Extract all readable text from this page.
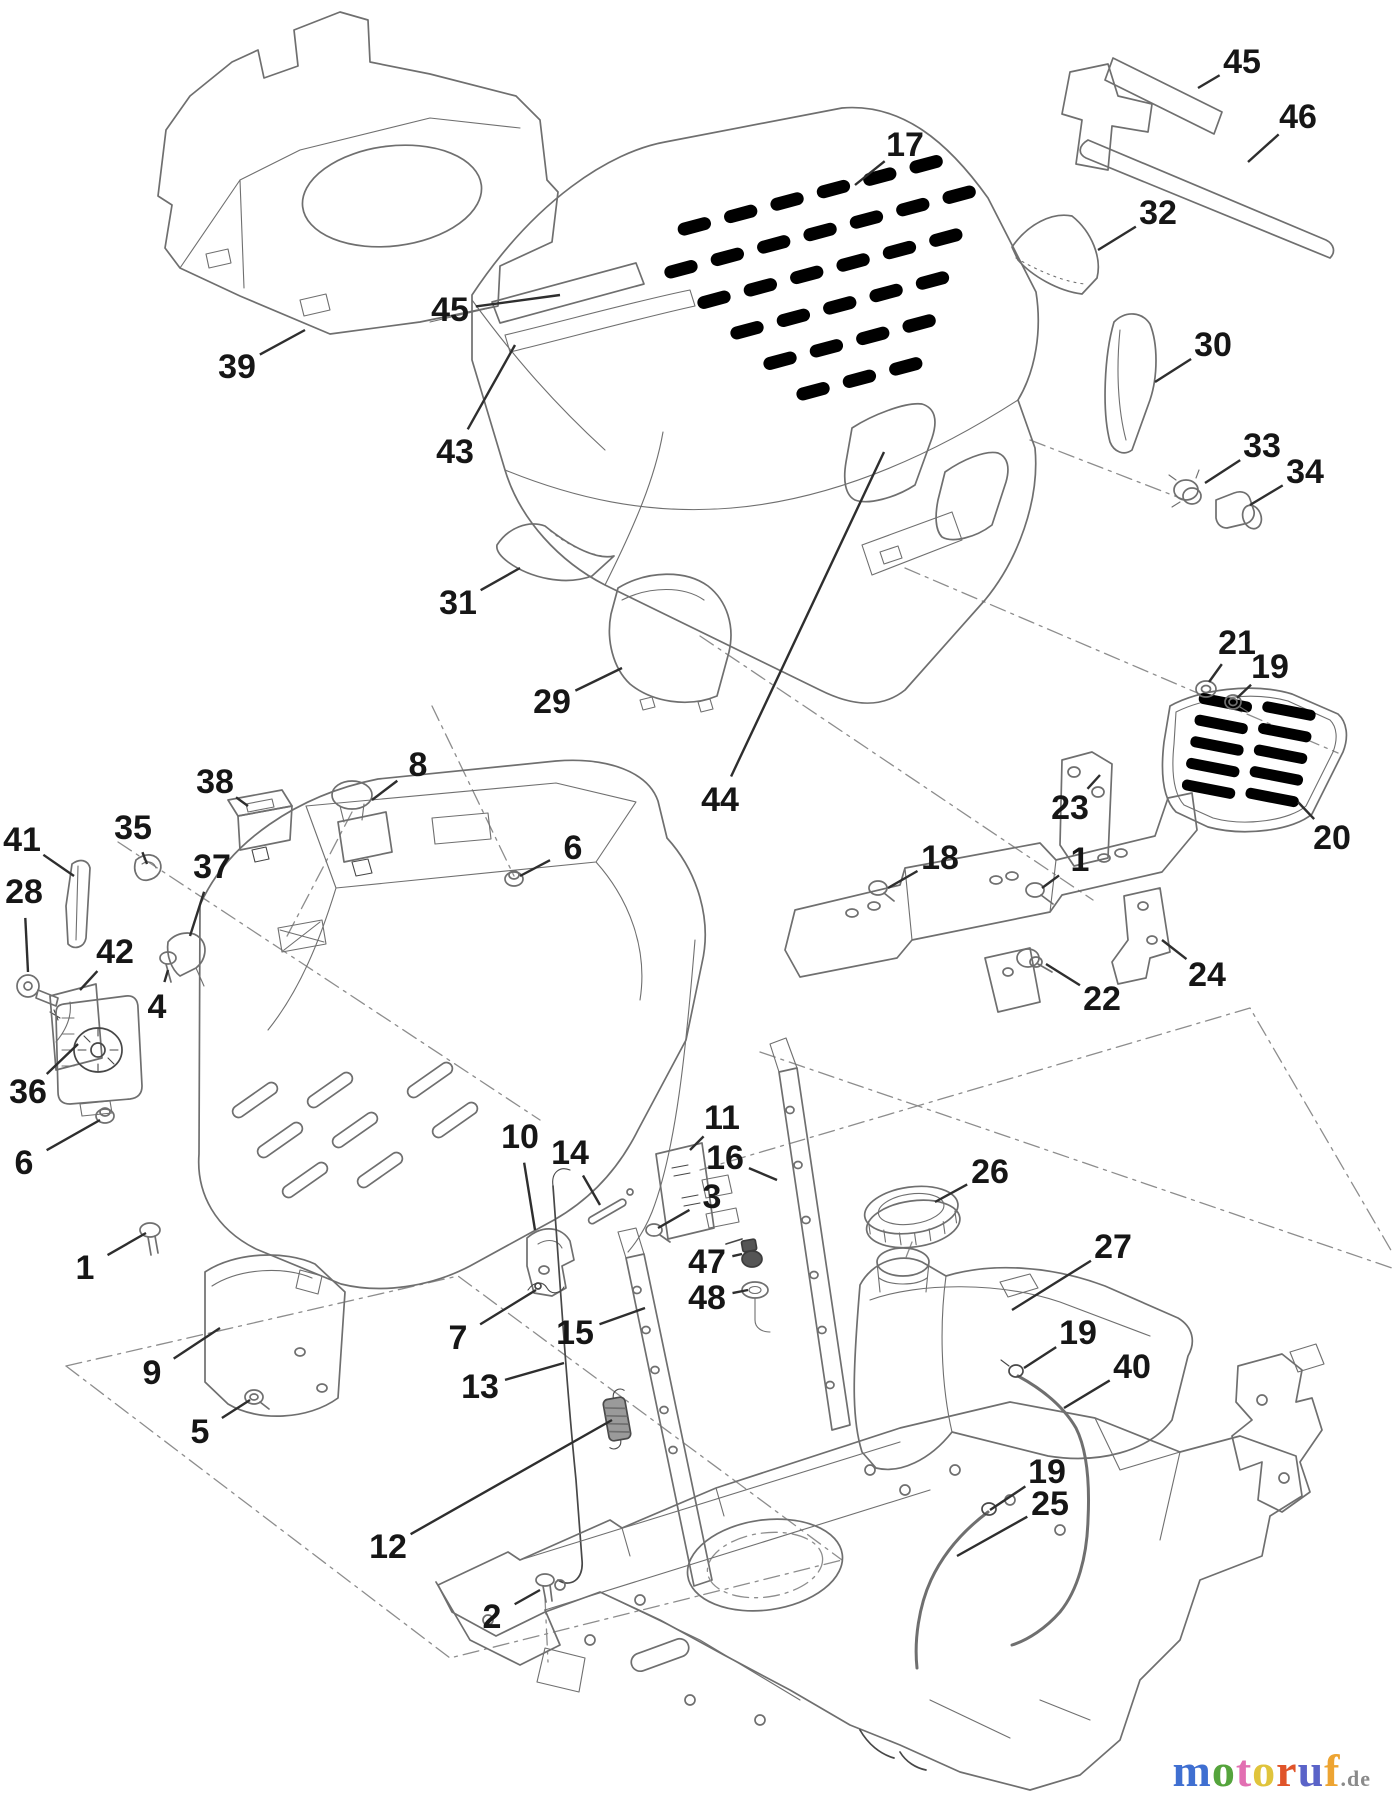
39
45
43
17
45
46
32
30
33
34
31
29
44
21
19
20
23
18	1
22
24
41
28
35
38	8
37
42
4
36
6
1
9
5
6
10 14
11
16
3
47
48
26
27
19
40
7	15
13
12
2
19
25
motoruf.de
